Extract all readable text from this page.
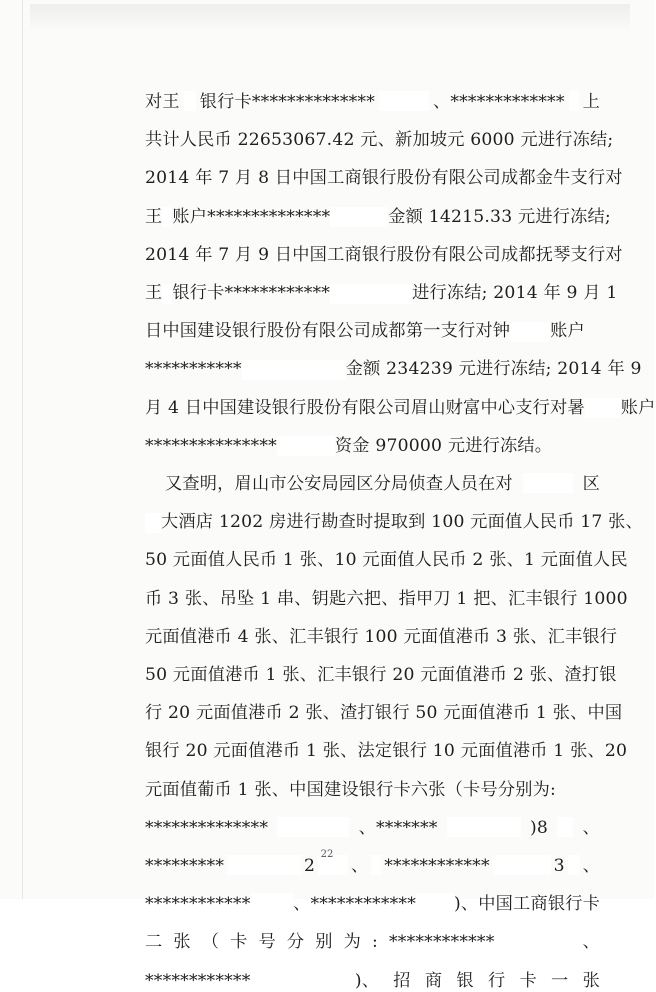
对王 银行卡**************	、************* 上
共计人民币 22653067.42 元、新加坡元 6000 元进行冻结;
2014 年 7 月 8 日中国工商银行股份有限公司成都金牛支行对
王 账户**************	金额 14215.33 元进行冻结;
2014 年 7 月 9 日中国工商银行股份有限公司成都抚琴支行对
王 银行卡************	进行冻结; 2014 年 9 月 1
日中国建设银行股份有限公司成都第一支行对钟 账户
***********	金额 234239 元进行冻结; 2014 年 9
月 4 日中国建设银行股份有限公司眉山财富中心支行对暑 账户
***************	资金 970000 元进行冻结。
又查明，眉山市公安局园区分局侦查人员在对	区
大酒店 1202 房进行勘查时提取到 100 元面值人民币 17 张、
50 元面值人民币 1 张、10 元面值人民币 2 张、1 元面值人民
币 3 张、吊坠 1 串、钥匙六把、指甲刀 1 把、汇丰银行 1000
元面值港币 4 张、汇丰银行 100 元面值港币 3 张、汇丰银行
50 元面值港币 1 张、汇丰银行 20 元面值港币 2 张、渣打银
行 20 元面值港币 2 张、渣打银行 50 元面值港币 1 张、中国
银行 20 元面值港币 1 张、法定银行 10 元面值港币 1 张、20
元面值葡币 1 张、中国建设银行卡六张（卡号分别为:
**************	、*******	)8 、
*********	2 、 ************	3 、
************ 、************ )、中国工商银行卡
二 张 （ 卡 号 分 别 为 : ************	、
************	)、 招 商 银 行 卡 一 张
22
